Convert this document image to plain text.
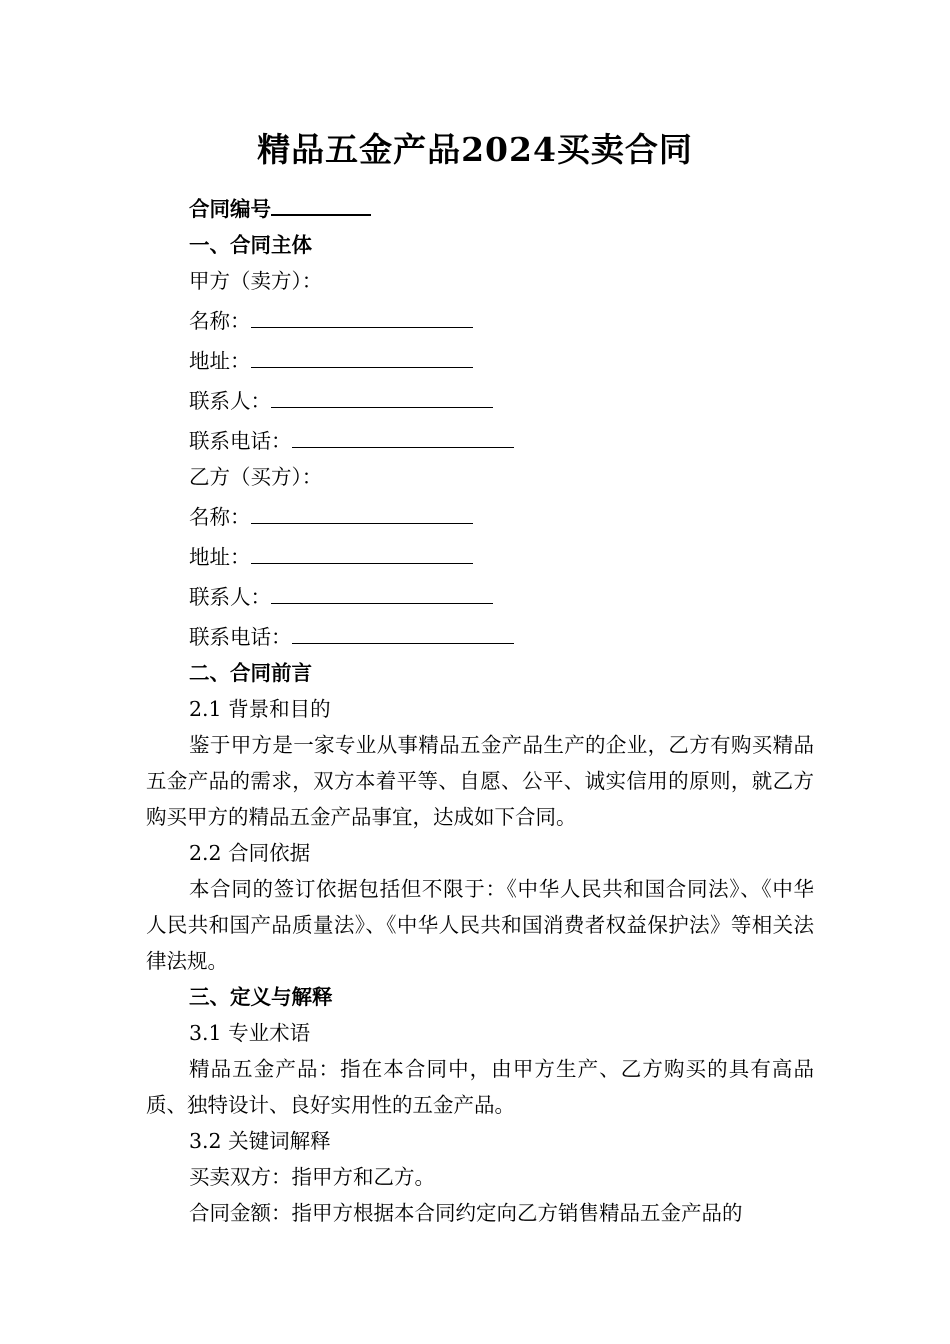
精品五金产品2024买卖合同
合同编号
一、合同主体
甲方（卖方）：
名称：
地址：
联系人：
联系电话：
乙方（买方）：
名称：
地址：
联系人：
联系电话：
二、合同前言
2.1 背景和目的
鉴于甲方是一家专业从事精品五金产品生产的企业，乙方有购买精品五金产品的需求，双方本着平等、自愿、公平、诚实信用的原则，就乙方购买甲方的精品五金产品事宜，达成如下合同。
2.2 合同依据
本合同的签订依据包括但不限于：《中华人民共和国合同法》、《中华人民共和国产品质量法》、《中华人民共和国消费者权益保护法》等相关法律法规。
三、定义与解释
3.1 专业术语
精品五金产品：指在本合同中，由甲方生产、乙方购买的具有高品质、独特设计、良好实用性的五金产品。
3.2 关键词解释
买卖双方：指甲方和乙方。
合同金额：指甲方根据本合同约定向乙方销售精品五金产品的
